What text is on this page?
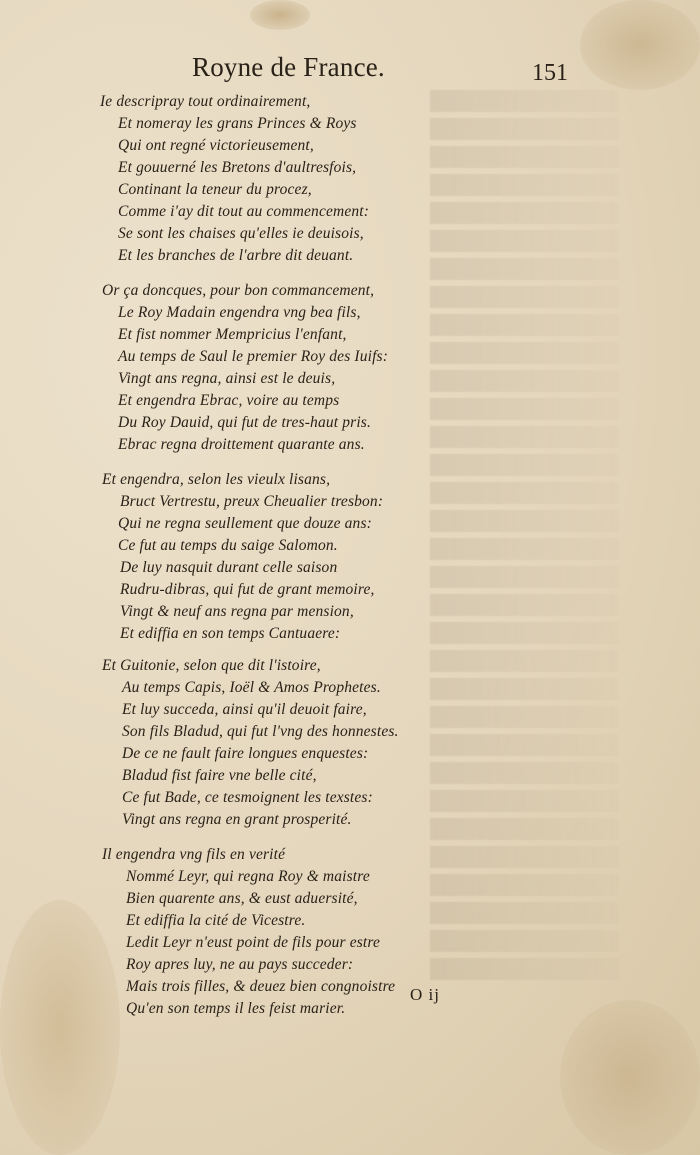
Royne de France.	151
Ie descripray tout ordinairement,
Et nomeray les grans Princes & Roys
Qui ont regné victorieusement,
Et gouuerné les Bretons d'aultresfois,
Continant la teneur du procez,
Comme i'ay dit tout au commencement:
Se sont les chaises qu'elles ie deuisois,
Et les branches de l'arbre dit deuant.
Or ça doncques, pour bon commancement,
Le Roy Madain engendra vng bea fils,
Et fist nommer Mempricius l'enfant,
Au temps de Saul le premier Roy des Iuifs:
Vingt ans regna, ainsi est le deuis,
Et engendra Ebrac, voire au temps
Du Roy Dauid, qui fut de tres-haut pris.
Ebrac regna droittement quarante ans.
Et engendra, selon les vieulx lisans,
Bruct Vertrestu, preux Cheualier tresbon:
Qui ne regna seullement que douze ans:
Ce fut au temps du saige Salomon.
De luy nasquit durant celle saison
Rudru-dibras, qui fut de grant memoire,
Vingt & neuf ans regna par mension,
Et ediffia en son temps Cantuaere:
Et Guitonie, selon que dit l'istoire,
Au temps Capis, Ioël & Amos Prophetes.
Et luy succeda, ainsi qu'il deuoit faire,
Son fils Bladud, qui fut l'vng des honnestes.
De ce ne fault faire longues enquestes:
Bladud fist faire vne belle cité,
Ce fut Bade, ce tesmoignent les texstes:
Vingt ans regna en grant prosperité.
Il engendra vng fils en verité
Nommé Leyr, qui regna Roy & maistre
Bien quarente ans, & eust aduersité,
Et ediffia la cité de Vicestre.
Ledit Leyr n'eust point de fils pour estre
Roy apres luy, ne au pays succeder:
Mais trois filles, & deuez bien congnoistre
Qu'en son temps il les feist marier.
O ij
